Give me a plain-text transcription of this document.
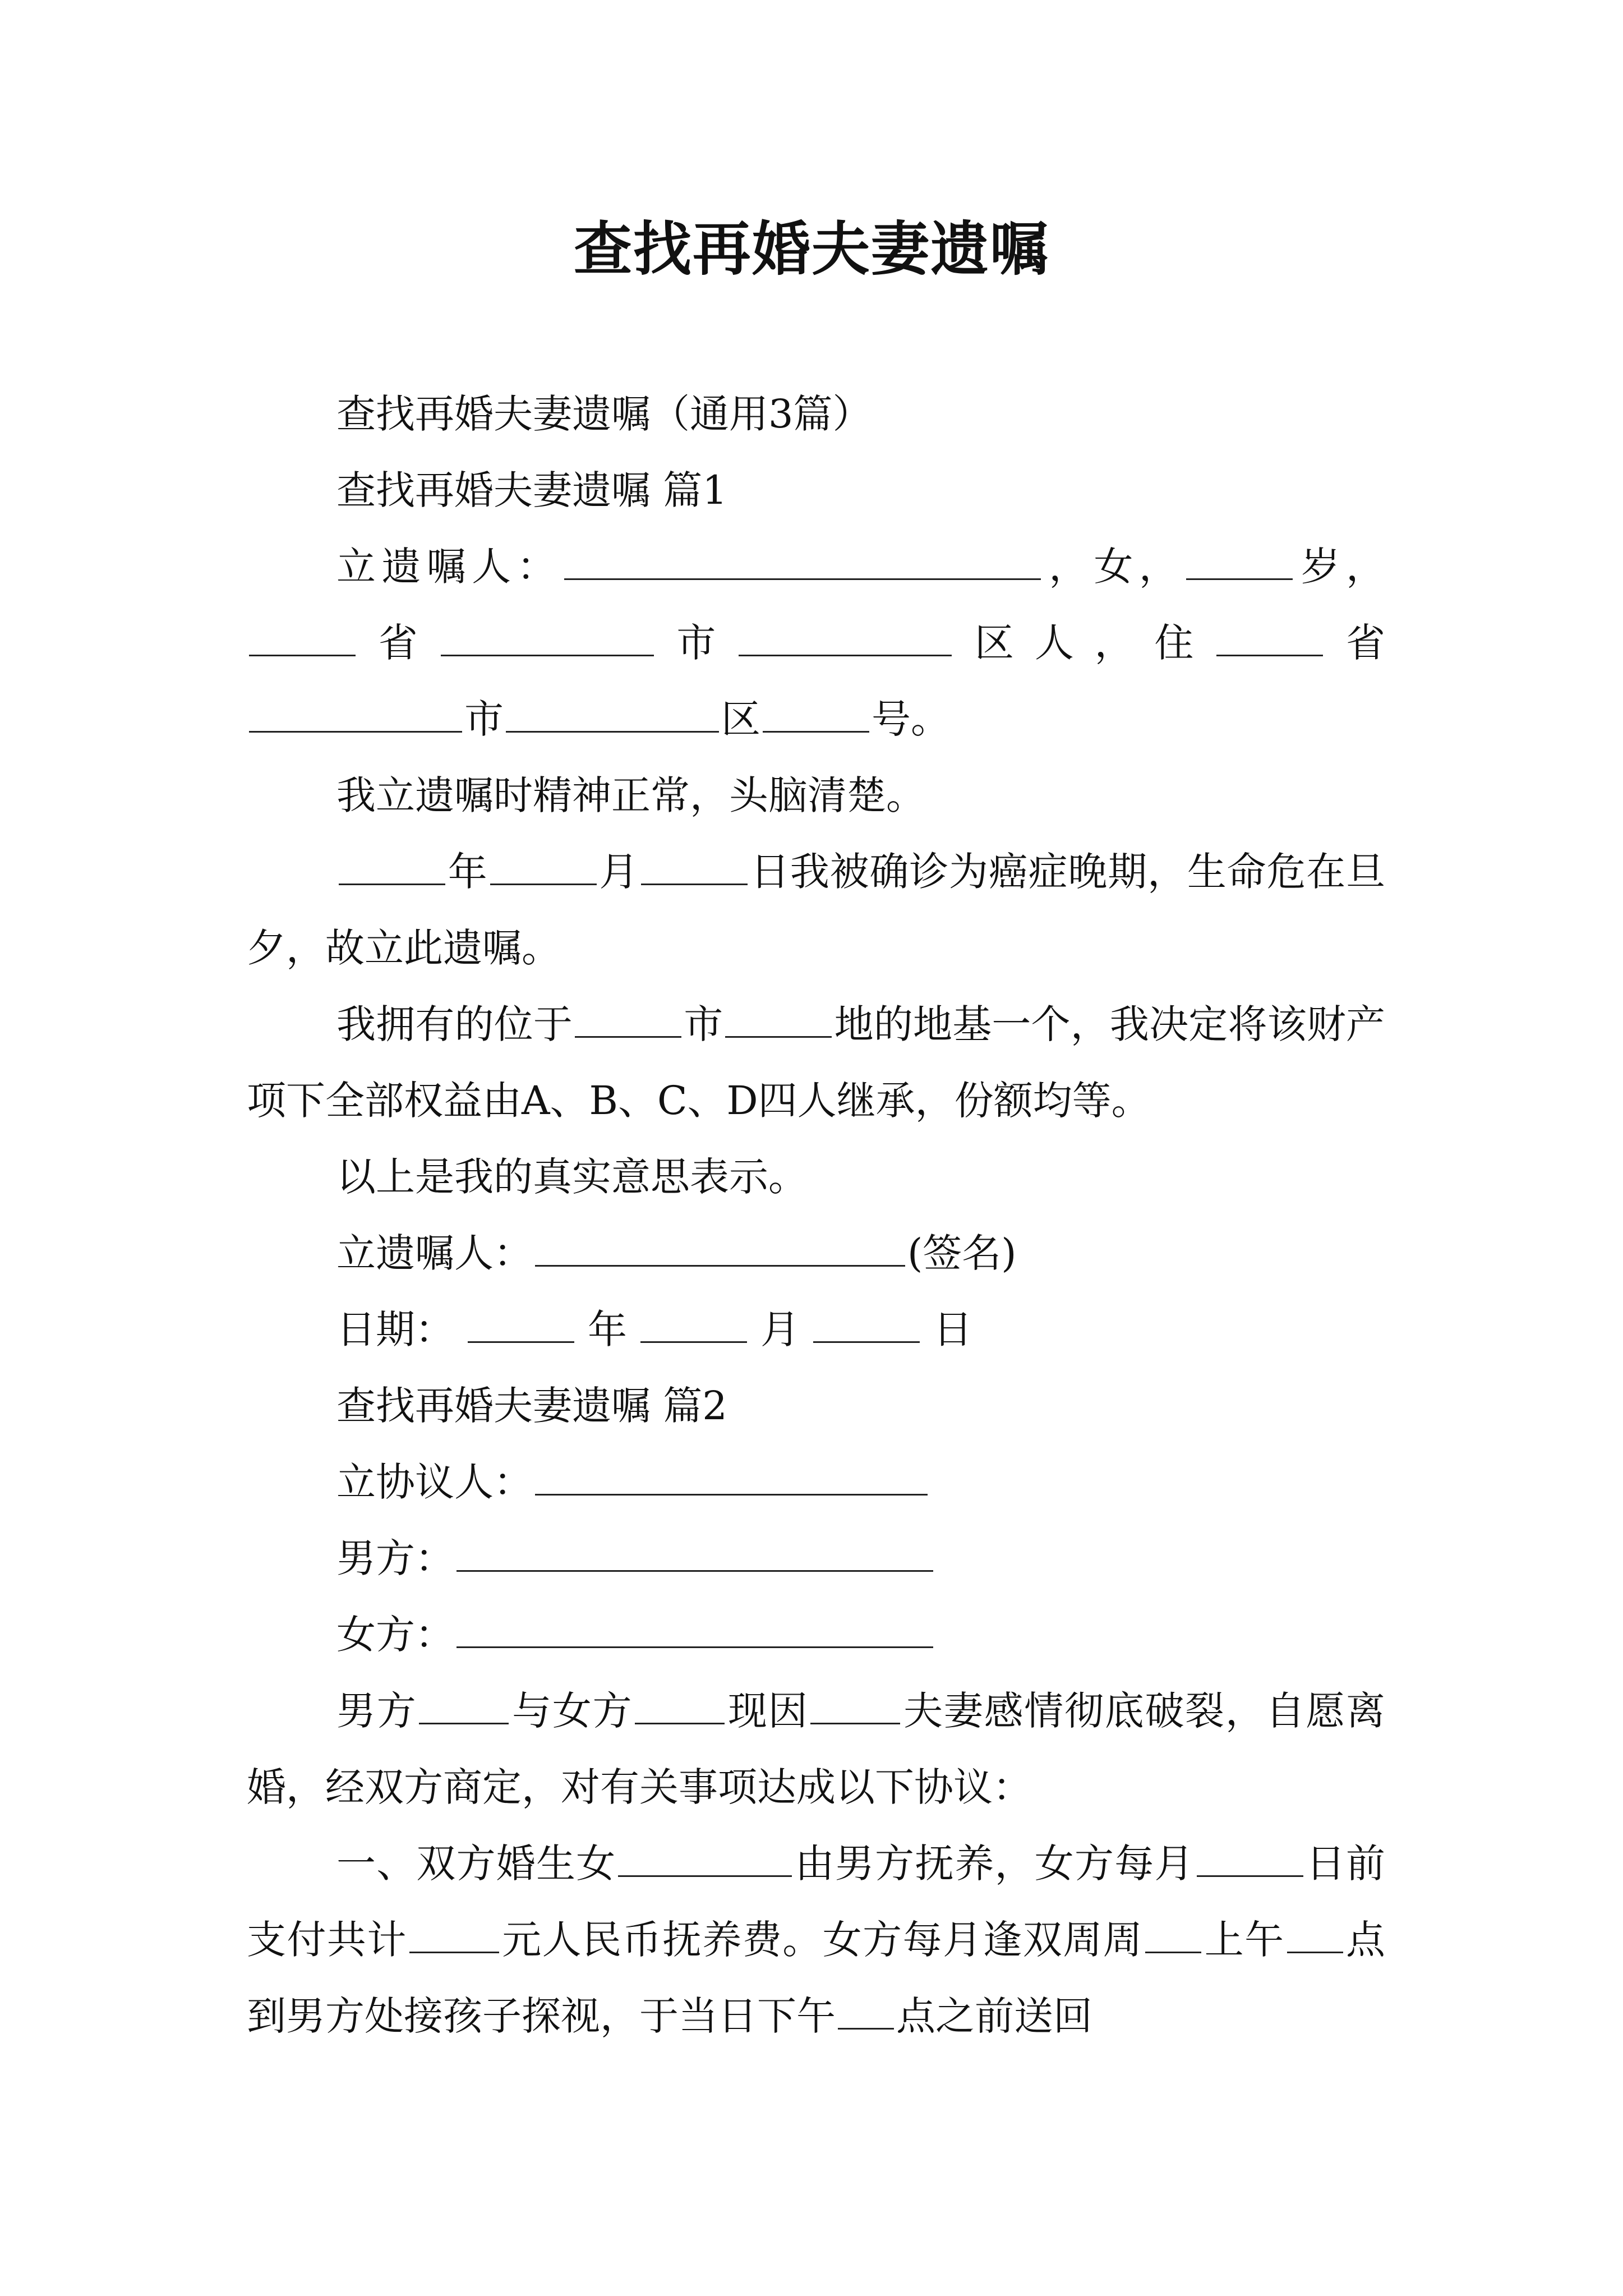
查找再婚夫妻遗嘱

查找再婚夫妻遗嘱（通用3篇）

查找再婚夫妻遗嘱 篇1

立遗嘱人：	，女，	岁，省	市	区人，住	省市	区	号。

我立遗嘱时精神正常，头脑清楚。

年	月	日我被确诊为癌症晚期，生命危在旦夕，故立此遗嘱。

我拥有的位于	市	地的地基一个，我决定将该财产项下全部权益由A、B、C、D四人继承，份额均等。

以上是我的真实意思表示。

立遗嘱人：	(签名)

日期：	年	月	日

查找再婚夫妻遗嘱 篇2

立协议人：

男方：

女方：

男方 与女方 现因 夫妻感情彻底破裂，自愿离婚，经双方商定，对有关事项达成以下协议：

一、双方婚生女	由男方抚养，女方每月	日前支付共计 元人民币抚养费。女方每月逢双周周 上午 点到男方处接孩子探视，于当日下午 点之前送回
